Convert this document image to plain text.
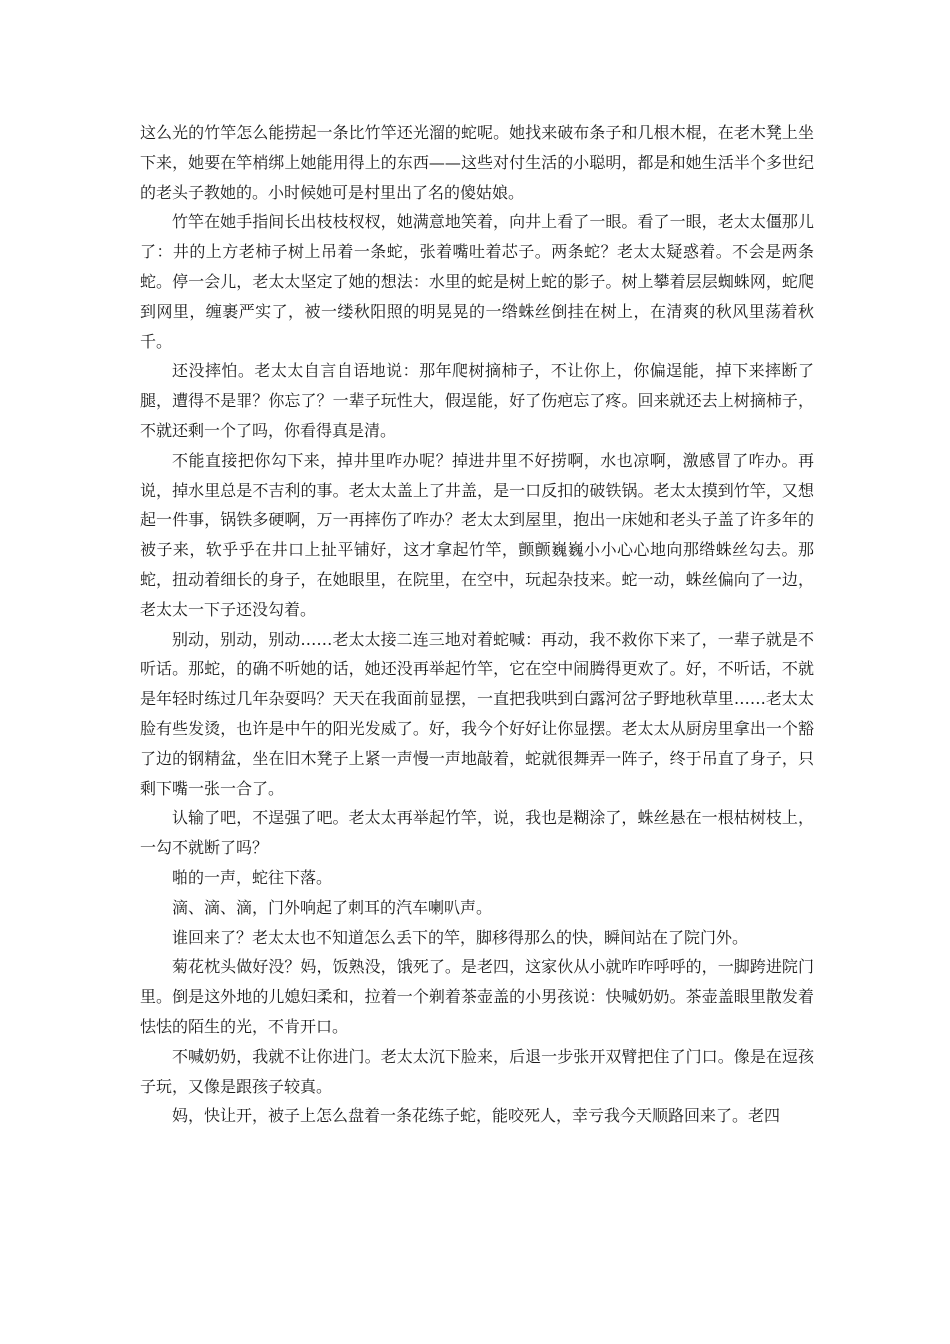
这么光的竹竿怎么能捞起一条比竹竿还光溜的蛇呢。她找来破布条子和几根木棍，在老木凳上坐下来，她要在竿梢绑上她能用得上的东西——这些对付生活的小聪明，都是和她生活半个多世纪的老头子教她的。小时候她可是村里出了名的傻姑娘。

竹竿在她手指间长出枝枝杈杈，她满意地笑着，向井上看了一眼。看了一眼，老太太僵那儿了：井的上方老柿子树上吊着一条蛇，张着嘴吐着芯子。两条蛇？老太太疑惑着。不会是两条蛇。停一会儿，老太太坚定了她的想法：水里的蛇是树上蛇的影子。树上攀着层层蜘蛛网，蛇爬到网里，缠裹严实了，被一缕秋阳照的明晃晃的一绺蛛丝倒挂在树上，在清爽的秋风里荡着秋千。

还没摔怕。老太太自言自语地说：那年爬树摘柿子，不让你上，你偏逞能，掉下来摔断了腿，遭得不是罪？你忘了？一辈子玩性大，假逞能，好了伤疤忘了疼。回来就还去上树摘柿子，不就还剩一个了吗，你看得真是清。

不能直接把你勾下来，掉井里咋办呢？掉进井里不好捞啊，水也凉啊，激感冒了咋办。再说，掉水里总是不吉利的事。老太太盖上了井盖，是一口反扣的破铁锅。老太太摸到竹竿，又想起一件事，锅铁多硬啊，万一再摔伤了咋办？老太太到屋里，抱出一床她和老头子盖了许多年的被子来，软乎乎在井口上扯平铺好，这才拿起竹竿，颤颤巍巍小小心心地向那绺蛛丝勾去。那蛇，扭动着细长的身子，在她眼里，在院里，在空中，玩起杂技来。蛇一动，蛛丝偏向了一边，老太太一下子还没勾着。

别动，别动，别动……老太太接二连三地对着蛇喊：再动，我不救你下来了，一辈子就是不听话。那蛇，的确不听她的话，她还没再举起竹竿，它在空中闹腾得更欢了。好，不听话，不就是年轻时练过几年杂耍吗？天天在我面前显摆，一直把我哄到白露河岔子野地秋草里……老太太脸有些发烫，也许是中午的阳光发威了。好，我今个好好让你显摆。老太太从厨房里拿出一个豁了边的钢精盆，坐在旧木凳子上紧一声慢一声地敲着，蛇就很舞弄一阵子，终于吊直了身子，只剩下嘴一张一合了。

认输了吧，不逞强了吧。老太太再举起竹竿，说，我也是糊涂了，蛛丝悬在一根枯树枝上，一勾不就断了吗？

啪的一声，蛇往下落。

滴、滴、滴，门外响起了刺耳的汽车喇叭声。

谁回来了？老太太也不知道怎么丢下的竿，脚移得那么的快，瞬间站在了院门外。

菊花枕头做好没？妈，饭熟没，饿死了。是老四，这家伙从小就咋咋呼呼的，一脚跨进院门里。倒是这外地的儿媳妇柔和，拉着一个剃着茶壶盖的小男孩说：快喊奶奶。茶壶盖眼里散发着怯怯的陌生的光，不肯开口。

不喊奶奶，我就不让你进门。老太太沉下脸来，后退一步张开双臂把住了门口。像是在逗孩子玩，又像是跟孩子较真。

妈，快让开，被子上怎么盘着一条花练子蛇，能咬死人，幸亏我今天顺路回来了。老四
